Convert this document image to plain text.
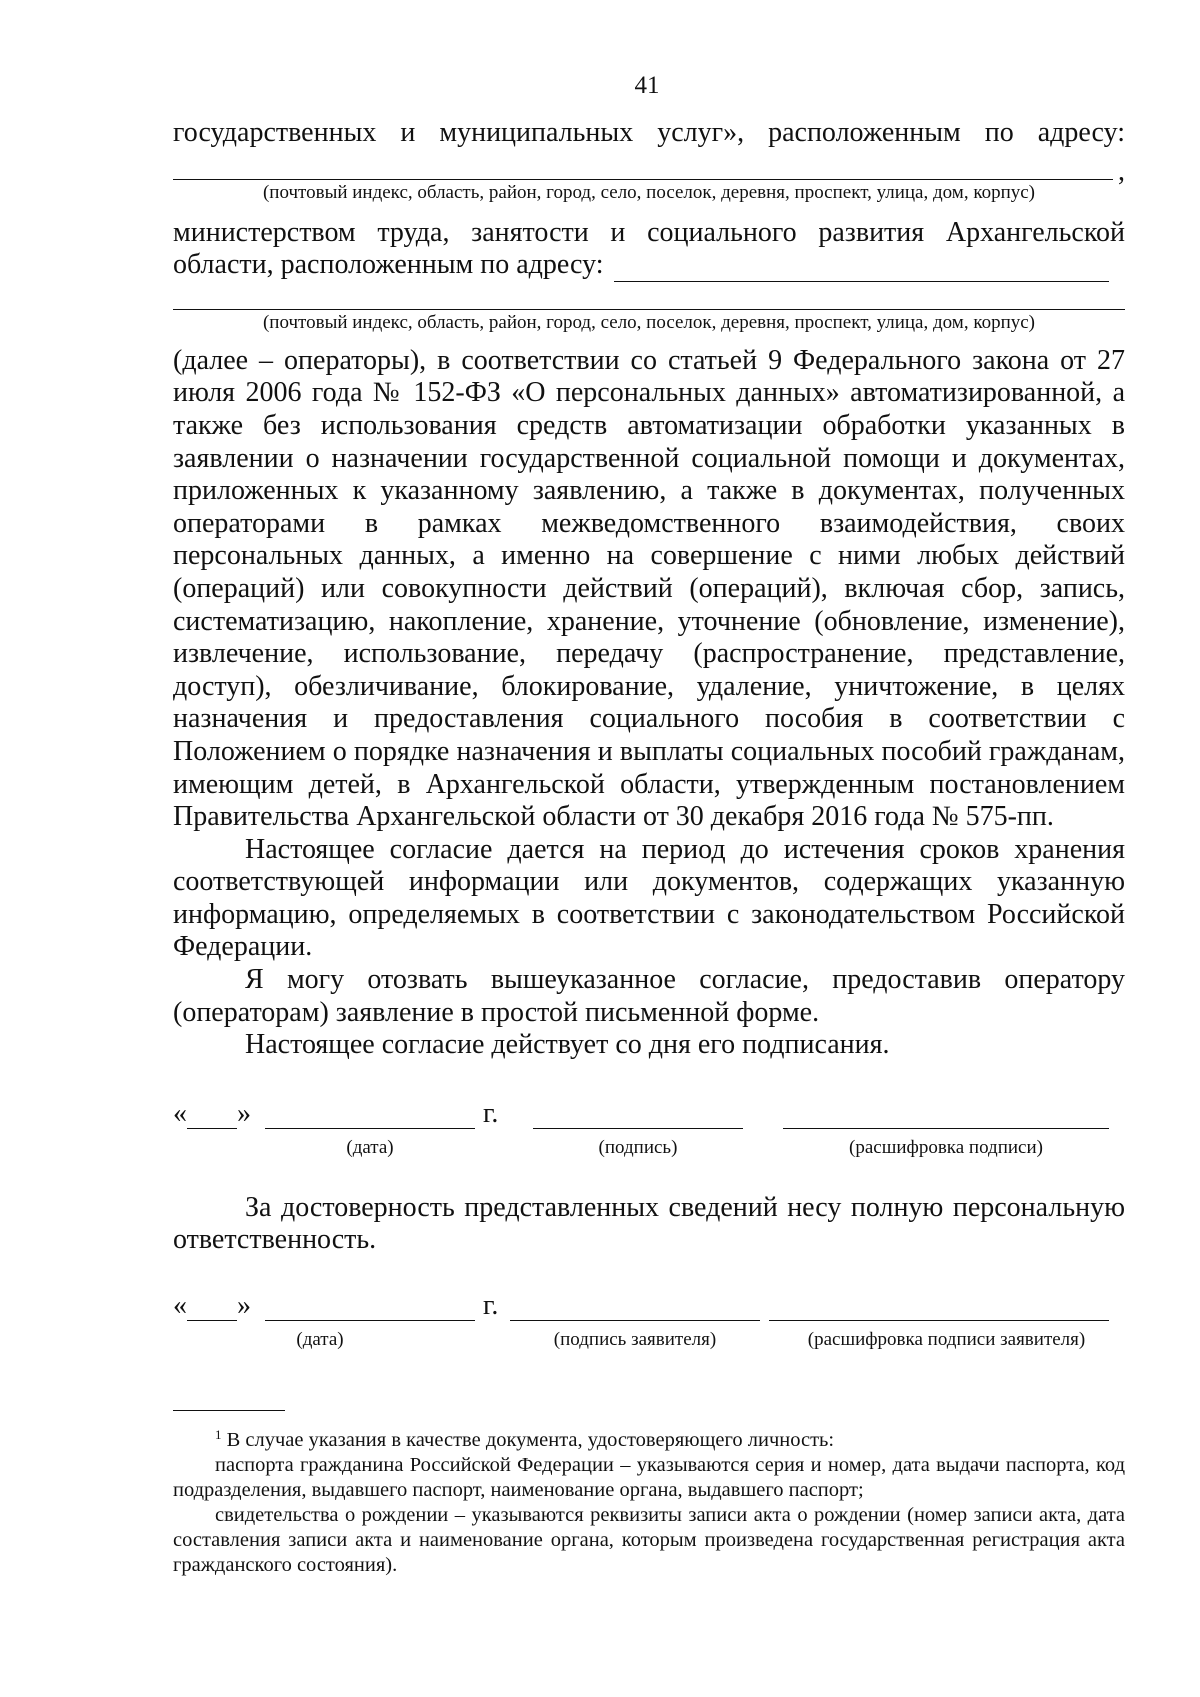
41

государственных и муниципальных услуг», расположенным по адресу:

,

(почтовый индекс, область, район, город, село, поселок, деревня, проспект, улица, дом, корпус)

министерством труда, занятости и социального развития Архангельской

области, расположенным по адресу:

(почтовый индекс, область, район, город, село, поселок, деревня, проспект, улица, дом, корпус)

(далее – операторы), в соответствии со статьей 9 Федерального закона от 27 июля 2006 года № 152-ФЗ «О персональных данных» автоматизированной, а также без использования средств автоматизации обработки указанных в заявлении о назначении государственной социальной помощи и документах, приложенных к указанному заявлению, а также в документах, полученных операторами в рамках межведомственного взаимодействия, своих персональных данных, а именно на совершение с ними любых действий (операций) или совокупности действий (операций), включая сбор, запись, систематизацию, накопление, хранение, уточнение (обновление, изменение), извлечение, использование, передачу (распространение, представление, доступ), обезличивание, блокирование, удаление, уничтожение, в целях назначения и предоставления социального пособия в соответствии с Положением о порядке назначения и выплаты социальных пособий гражданам, имеющим детей, в Архангельской области, утвержденным постановлением Правительства Архангельской области от 30 декабря 2016 года № 575-пп.

Настоящее согласие дается на период до истечения сроков хранения соответствующей информации или документов, содержащих указанную информацию, определяемых в соответствии с законодательством Российской Федерации.

Я могу отозвать вышеуказанное согласие, предоставив оператору (операторам) заявление в простой письменной форме.

Настоящее согласие действует со дня его подписания.

« »	г.
(дата)	(подпись)	(расшифровка подписи)

За достоверность представленных сведений несу полную персональную ответственность.

« »	г.
(дата)	(подпись заявителя)	(расшифровка подписи заявителя)

$^1$ В случае указания в качестве документа, удостоверяющего личность:

паспорта гражданина Российской Федерации – указываются серия и номер, дата выдачи паспорта, код подразделения, выдавшего паспорт, наименование органа, выдавшего паспорт;

свидетельства о рождении – указываются реквизиты записи акта о рождении (номер записи акта, дата составления записи акта и наименование органа, которым произведена государственная регистрация акта гражданского состояния).
